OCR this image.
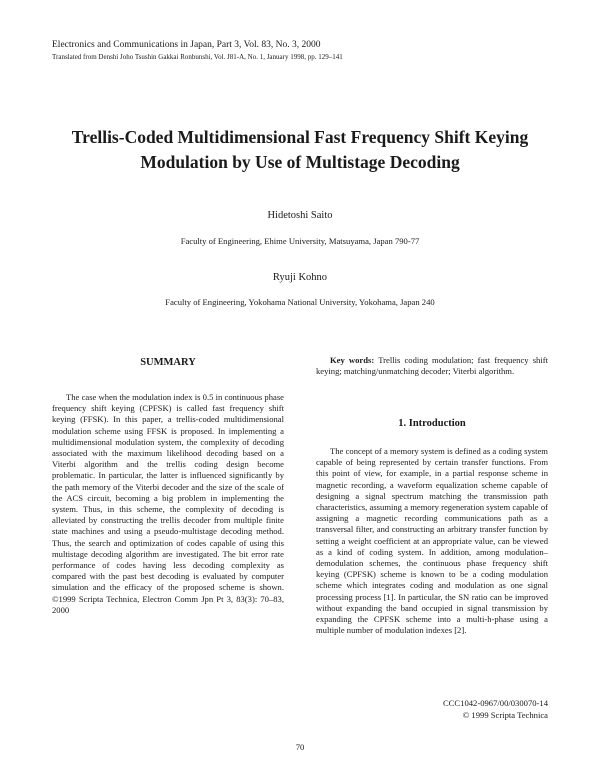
Electronics and Communications in Japan, Part 3, Vol. 83, No. 3, 2000
Translated from Denshi Joho Tsushin Gakkai Ronbunshi, Vol. J81-A, No. 1, January 1998, pp. 129–141
Trellis-Coded Multidimensional Fast Frequency Shift Keying
Modulation by Use of Multistage Decoding
Hidetoshi Saito
Faculty of Engineering, Ehime University, Matsuyama, Japan 790-77
Ryuji Kohno
Faculty of Engineering, Yokohama National University, Yokohama, Japan 240
SUMMARY

The case when the modulation index is 0.5 in continuous phase frequency shift keying (CPFSK) is called fast frequency shift keying (FFSK). In this paper, a trellis-coded multidimensional modulation scheme using FFSK is proposed. In implementing a multidimensional modulation system, the complexity of decoding associated with the maximum likelihood decoding based on a Viterbi algorithm and the trellis coding design become problematic. In particular, the latter is influenced significantly by the path memory of the Viterbi decoder and the size of the scale of the ACS circuit, becoming a big problem in implementing the system. Thus, in this scheme, the complexity of decoding is alleviated by constructing the trellis decoder from multiple finite state machines and using a pseudo-multistage decoding method. Thus, the search and optimization of codes capable of using this multistage decoding algorithm are investigated. The bit error rate performance of codes having less decoding complexity as compared with the past best decoding is evaluated by computer simulation and the efficacy of the proposed scheme is shown. ©1999 Scripta Technica, Electron Comm Jpn Pt 3, 83(3): 70–83, 2000

Key words: Trellis coding modulation; fast frequency shift keying; matching/unmatching decoder; Viterbi algorithm.

1. Introduction

The concept of a memory system is defined as a coding system capable of being represented by certain transfer functions. From this point of view, for example, in a partial response scheme in magnetic recording, a waveform equalization scheme capable of designing a signal spectrum matching the transmission path characteristics, assuming a memory regeneration system capable of assigning a magnetic recording communications path as a transversal filter, and constructing an arbitrary transfer function by setting a weight coefficient at an appropriate value, can be viewed as a kind of coding system. In addition, among modulation–demodulation schemes, the continuous phase frequency shift keying (CPFSK) scheme is known to be a coding modulation scheme which integrates coding and modulation as one signal processing process [1]. In particular, the SN ratio can be improved without expanding the band occupied in signal transmission by expanding the CPFSK scheme into a multi-h-phase using a multiple number of modulation indexes [2].

CCC1042-0967/00/030070-14
© 1999 Scripta Technica
70
